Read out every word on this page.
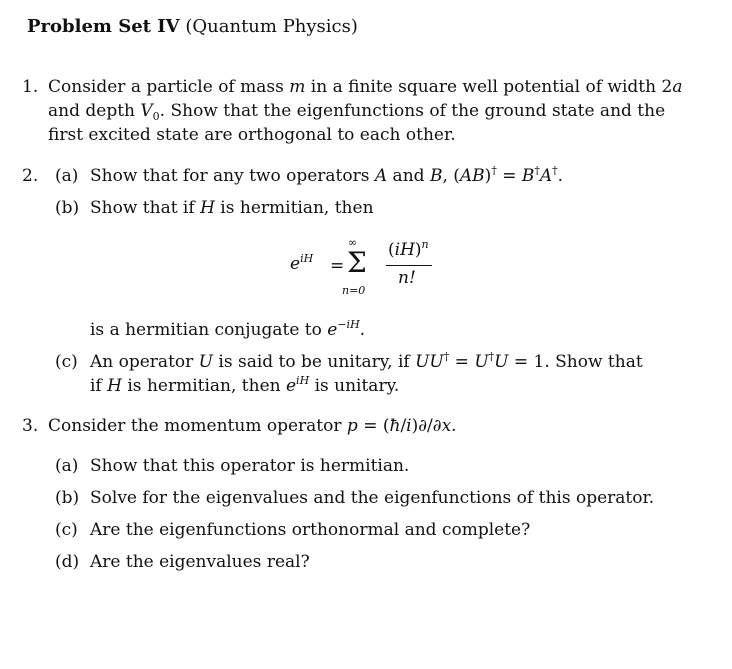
Problem Set IV (Quantum Physics)
1. Consider a particle of mass m in a finite square well potential of width 2a
and depth $V_0$. Show that the eigenfunctions of the ground state and the
first excited state are orthogonal to each other.
2. (a) Show that for any two operators A and B, (AB)† = B†A†.
(b) Show that if H is hermitian, then
$e^{iH}$ =
∞
Σ
n=0
(iH)$^n$
n!
is a hermitian conjugate to $e^{-iH}$.
(c) An operator U is said to be unitary, if UU† = U†U = 1. Show that
if H is hermitian, then $e^{iH}$ is unitary.
3. Consider the momentum operator p = (ħ/i)∂/∂x.
(a) Show that this operator is hermitian.
(b) Solve for the eigenvalues and the eigenfunctions of this operator.
(c) Are the eigenfunctions orthonormal and complete?
(d) Are the eigenvalues real?
